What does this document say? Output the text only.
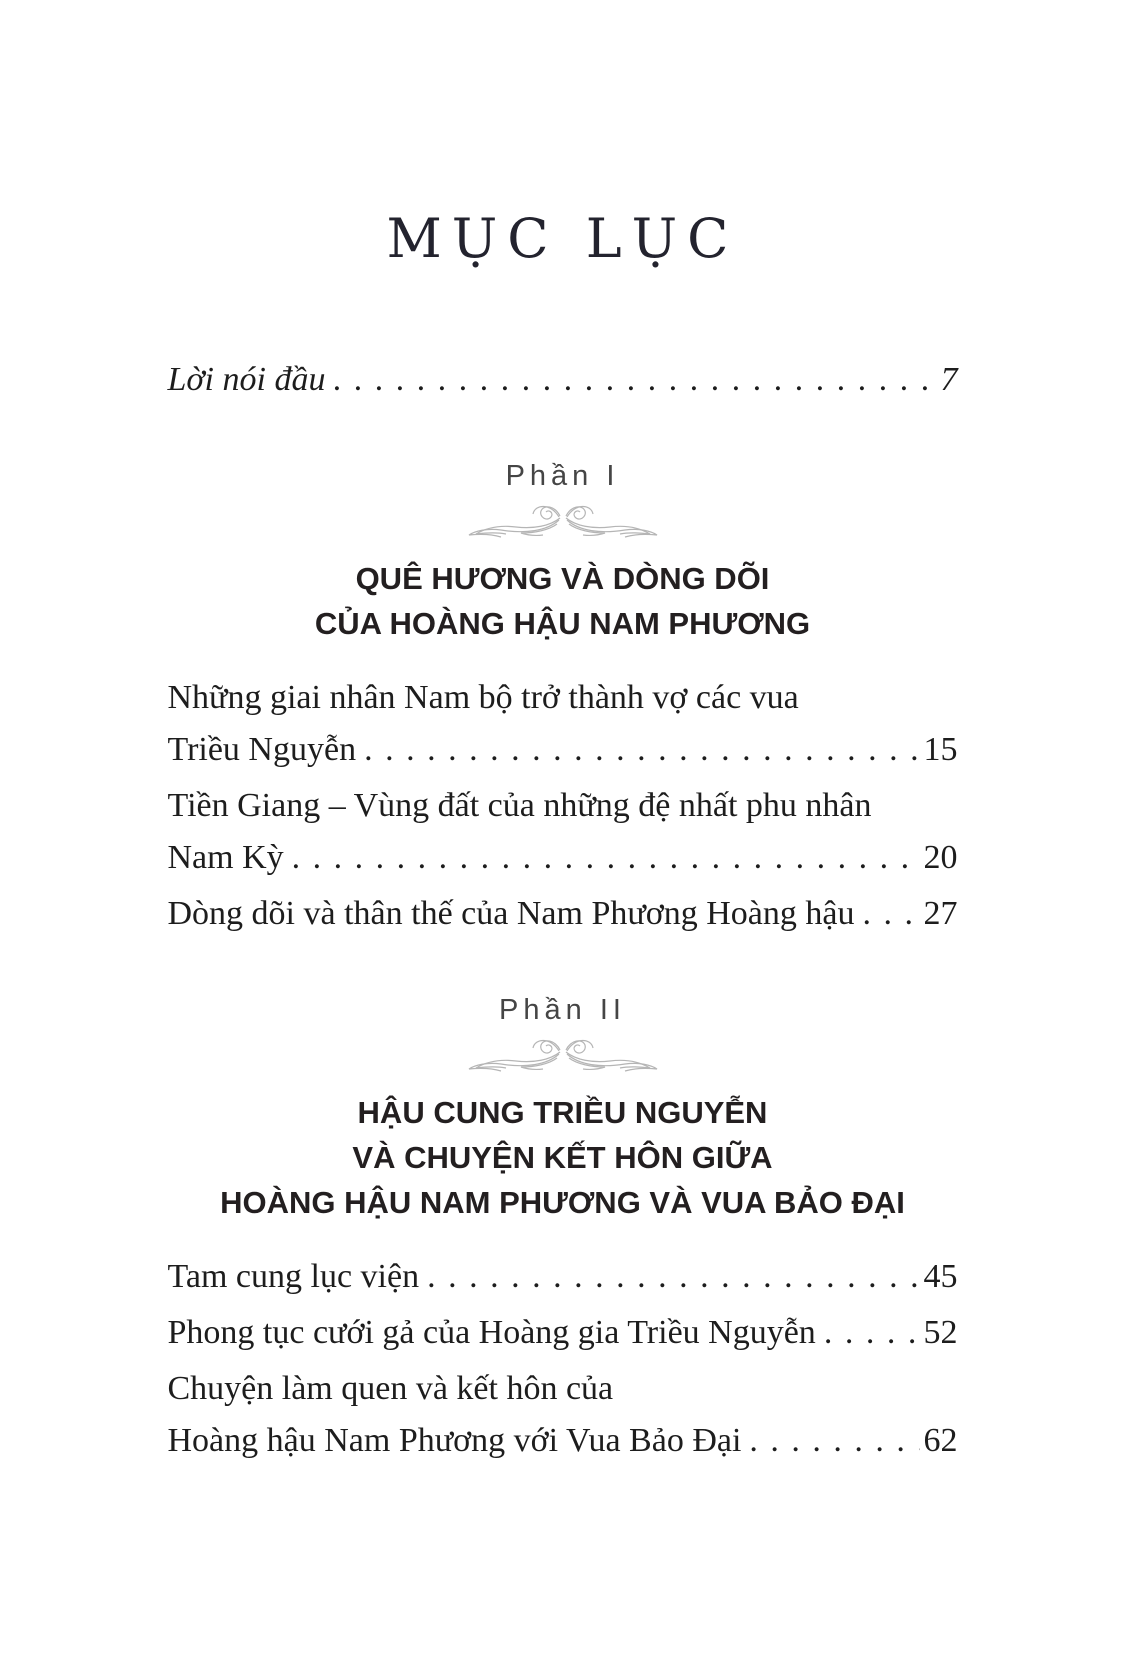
MỤC LỤC
Lời nói đầu . . .	7
Phần I
QUÊ HƯƠNG VÀ DÒNG DÕI
CỦA HOÀNG HẬU NAM PHƯƠNG
Những giai nhân Nam bộ trở thành vợ các vua
Triều Nguyễn . . .	15
Tiền Giang – Vùng đất của những đệ nhất phu nhân
Nam Kỳ . . .	20
Dòng dõi và thân thế của Nam Phương Hoàng hậu . . . 27
Phần II
HẬU CUNG TRIỀU NGUYỄN
VÀ CHUYỆN KẾT HÔN GIỮA
HOÀNG HẬU NAM PHƯƠNG VÀ VUA BẢO ĐẠI
Tam cung lục viện . . .	45
Phong tục cưới gả của Hoàng gia Triều Nguyễn . . .	52
Chuyện làm quen và kết hôn của
Hoàng hậu Nam Phương với Vua Bảo Đại . . .	62
